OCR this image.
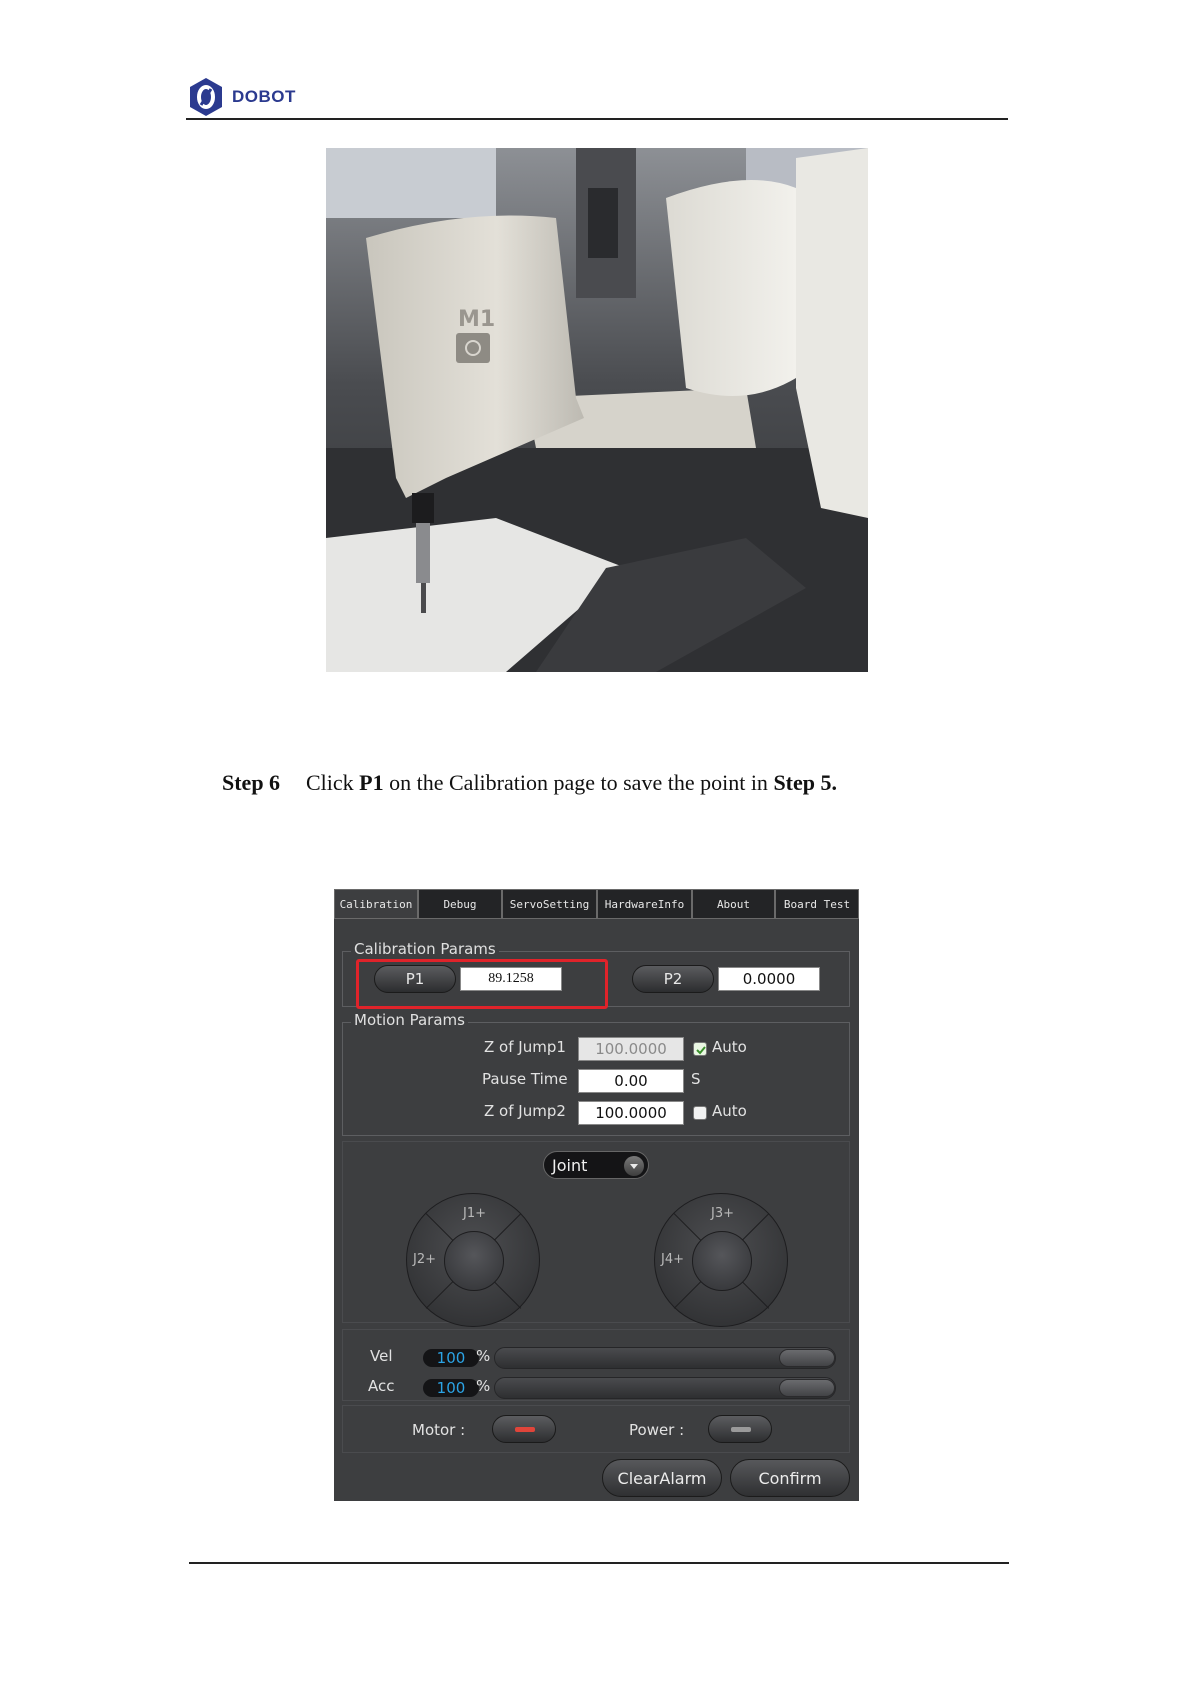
DOBOT
M1
Step 6 Click P1 on the Calibration page to save the point in Step 5.
Calibration	Debug	ServoSetting	HardwareInfo	About	Board Test
Calibration Params
P1	89.1258	P2	0.0000
Motion Params
Z of Jump1	100.0000	Auto
Pause Time	0.00	S
Z of Jump2	100.0000	Auto
Joint
J1+
J2+
J3+
J4+
Vel	100 %
Acc	100 %
Motor :	Power :
ClearAlarm	Confirm
